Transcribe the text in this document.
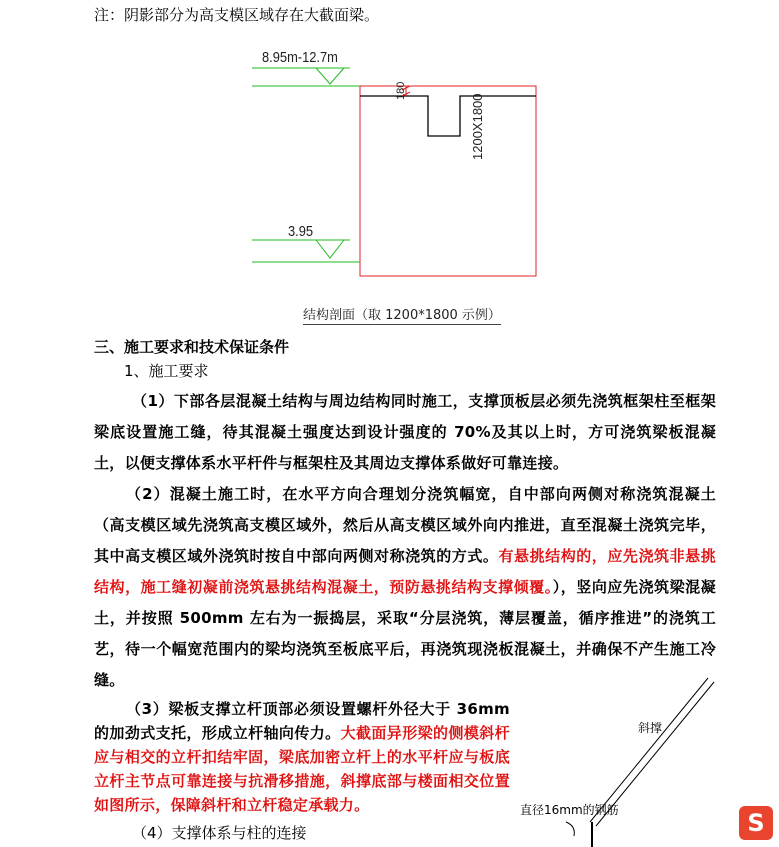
注：阴影部分为高支模区域存在大截面梁。
8.95m-12.7m
3.95
180
1200X1800
结构剖面（取 1200*1800 示例）
三、施工要求和技术保证条件
1、施工要求
（1）下部各层混凝土结构与周边结构同时施工，支撑顶板层必须先浇筑框架柱至框架梁底设置施工缝，待其混凝土强度达到设计强度的 70%及其以上时，方可浇筑梁板混凝土，以便支撑体系水平杆件与框架柱及其周边支撑体系做好可靠连接。
（2）混凝土施工时，在水平方向合理划分浇筑幅宽，自中部向两侧对称浇筑混凝土（高支模区域先浇筑高支模区域外，然后从高支模区域外向内推进，直至混凝土浇筑完毕，其中高支模区域外浇筑时按自中部向两侧对称浇筑的方式。有悬挑结构的，应先浇筑非悬挑结构，施工缝初凝前浇筑悬挑结构混凝土，预防悬挑结构支撑倾覆。），竖向应先浇筑梁混凝土，并按照 500mm 左右为一振捣层，采取“分层浇筑，薄层覆盖，循序推进”的浇筑工艺，待一个幅宽范围内的梁均浇筑至板底平后，再浇筑现浇板混凝土，并确保不产生施工冷缝。
（3）梁板支撑立杆顶部必须设置螺杆外径大于 36mm 的加劲式支托，形成立杆轴向传力。大截面异形梁的侧模斜杆应与相交的立杆扣结牢固，梁底加密立杆上的水平杆应与板底立杆主节点可靠连接与抗滑移措施，斜撑底部与楼面相交位置如图所示，保障斜杆和立杆稳定承载力。
（4）支撑体系与柱的连接
斜撑
直径16mm的钢筋	S
